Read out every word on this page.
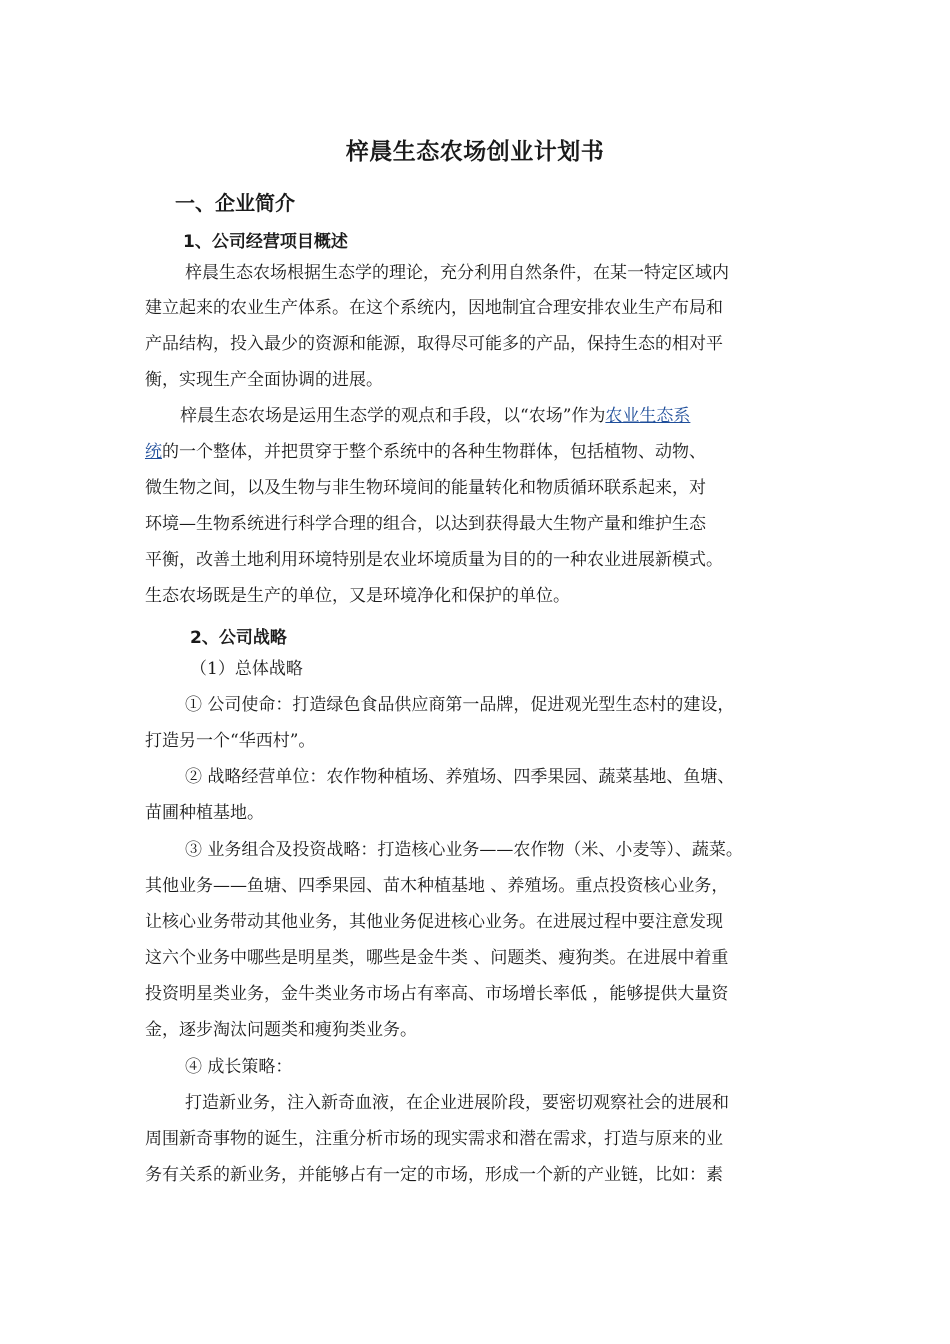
梓晨生态农场创业计划书
一、企业简介
1、公司经营项目概述
梓晨生态农场根据生态学的理论，充分利用自然条件，在某一特定区域内
建立起来的农业生产体系。在这个系统内，因地制宜合理安排农业生产布局和
产品结构，投入最少的资源和能源，取得尽可能多的产品，保持生态的相对平
衡，实现生产全面协调的进展。
梓晨生态农场是运用生态学的观点和手段，以“农场”作为农业生态系
统的一个整体，并把贯穿于整个系统中的各种生物群体，包括植物、动物、
微生物之间，以及生物与非生物环境间的能量转化和物质循环联系起来，对
环境—生物系统进行科学合理的组合，以达到获得最大生物产量和维护生态
平衡，改善土地利用环境特别是农业坏境质量为目的的一种农业进展新模式。
生态农场既是生产的单位，又是环境净化和保护的单位。
2、公司战略
（1）总体战略
① 公司使命：打造绿色食品供应商第一品牌，促进观光型生态村的建设，
打造另一个“华西村”。
② 战略经营单位：农作物种植场、养殖场、四季果园、蔬菜基地、鱼塘、
苗圃种植基地。
③ 业务组合及投资战略：打造核心业务——农作物（米、小麦等）、蔬菜。
其他业务——鱼塘、四季果园、苗木种植基地 、养殖场。重点投资核心业务，
让核心业务带动其他业务，其他业务促进核心业务。在进展过程中要注意发现
这六个业务中哪些是明星类，哪些是金牛类 、问题类、瘦狗类。在进展中着重
投资明星类业务，金牛类业务市场占有率高、市场增长率低 ，能够提供大量资
金，逐步淘汰问题类和瘦狗类业务。
④ 成长策略：
打造新业务，注入新奇血液，在企业进展阶段，要密切观察社会的进展和
周围新奇事物的诞生，注重分析市场的现实需求和潜在需求，打造与原来的业
务有关系的新业务，并能够占有一定的市场，形成一个新的产业链，比如：素
